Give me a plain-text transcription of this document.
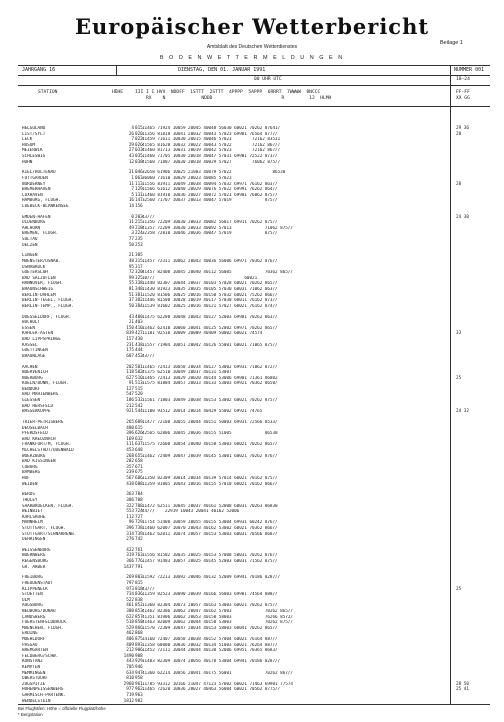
Europäischer Wetterbericht
Amtsblatt des Deutschen Wetterdienstes
Beilage 1
B O D E N W E T T E R M E L D U N G E N
JAHRGANG 16	DIENSTAG, DEN 01. JANUAR 1991	NUMMER 001
00 UHR UTC	18–24
STATION	HÖHE	III I I HVV  NDDFF  1STTT  2STTT  4PPPP  5APPP  6RRRT  7WWWW  8NCCC
RX    N             NDDD                         R         12  HLMH
FF-FF
XX GG
HELGOLAND	4 015 11465 71924 10059 20045 40048 56030 60021 70262 87641/	29 36
LIST/SYLT	26 020 11356 81818 10041 20032 40043 57023 69981 76564 877//	28
LECK	7 022 41459 71611 10030 20015 40046 57023        72162 83531
HUSUM	29 026 41565 81620 10032 20022 40043 57022        72162 867//
MEIERWIK	27 033 41460 81713 10031 20019 40042 57023        72162 867//
SCHLESWIG	43 035 11460 71705 10030 20018 40047 57031 69901 72522 873//
HOHN	12 038 41560 71807 10030 20018 40029 57027        76062 875//
KIEL/HOLTENAU	31 046 32658 61906 10025 21003 40079 57022                86530
FUTTGARDEN	1 063 36060 71610 10029 20023 40085 57023
NORDERNEY	11 113 11556 81911 10049 20038 40094 57032 69971 76162 863//	28
BREMERHAVEN	7 129 11566 61612 10040 20029 40076 57022 69991 76262 864//
CUXHAVEN	5 131 11460 81910 10036 20027 40072 57023 69981 76062 875//
HAMBURG, FLUGH.	16 147 32560 71707 10037 20013 40047 57019             875//
LUEBECK-BLANKENSEE	14 156
EMDEN-HAFEN	0 203 43///	24 30
OLDENBURG	11 215 11356 72209 10030 20033 40082 56017 69911 70262 875//
AHLHORN	49 218 41357 72209 10030 20033 40092 57013             71062 875//
BREMEN, FLUGH.	3 224 32358 72010 10046 20036 40047 57019             875//
SOLTAU	77 235
UELZEN	50 253
LINGEN	21 305
MUENSTER/OSNAB.	48 315 11457 72311 10062 20043 40036 56006 69971 70362 876//
OSNABRÜCK	95 317
GUETERSLOH	72 320 41457 82408 10045 20040 40112 56005             70362 865//
BAD SALZUFLEN	99 325 10///                                   60021
HANNOVER, FLUGH.	55 338 11440 82307 10044 20037 40103 57028 60021 70262 865//
BRAUNSCHWEIG	81 348 11430 81923 10035 20035 40105 57030 60031 71062 863//
BERLIN-DAHLEM	51 381 11520 81506 10025 20016 40150 57032 60021 75262 866//
BERLIN-TEGEL, FLUGH.	37 382 11446 81508 10028 20019 40117 57030 60011 76162 873//
BERLIN-TEMP., FLUGH.	50 384 11539 81602 10025 20016 40121 57027 60021 76162 874//
DUESSELDORF, FLUGH.	43 400 11475 62208 10048 20043 40127 52003 69981 70262 863//
BOCHOLT	21 403
ESSEN	150 410 11462 62410 10060 20041 40125 52002 69971 70262 865//
KAHLER-ASTEN	839 427 11101 92518 10009 20009 40409 50002 60021 74574	33
BAD LIPPSPRINGE	157 430
KASSEL	231 438 11557 71904 10051 20042 40126 55001 60021 71065 875//
GOETTINGEN	175 444
BRAUNLAGE	607 452 43///
AACHEN	202 501 11465 72413 10058 20034 40127 53002 69931 71062 872//
NOERVENICH	118 502 41375 62510 10049 20037 40131 53007
NUERBURG	627 510 11465 72413 10029 20020 40144 53006 69901 71361 86802	25
KOELN/BONN, FLUGH.	91 513 11575 81804 10057 20033 40133 53003 69921 70362 8650/
BENDORF	127 515
BAD MARIENBERG	547 520
GIESSEN	186 532 11561 71803 10049 20038 40153 53002 60021 70262 875//
BAD HERSFELD	212 542
WASSERKUPPE	921 544 11100 93512 10014 20014 40429 55002 69921 74765	24 32
TRIER-PETRISBERG	265 609 11477 72108 10055 20044 40151 50003 69931 72566 8533/
DEUSELBACH	480 615
PFERDSFELD	396 626 42565 62806 10045 20036 40155 51005             86530
BAD KREUZNACH	169 632
FRANKFURT/M, FLUGH.	111 637 11575 72608 10054 20040 40158 53003 60021 70262 865//
MICHELSTADT/ODENWALD	453 648
WUERZBURG	268 655 11462 72409 10047 20039 40145 53001 60021 70262 876//
BAD KISSINGEN	282 658
COBURG	357 671
BAMBERG	239 675
HOF	567 686 11350 82309 10014 20034 40139 57014 60021 70162 875//
WEIDEN	438 688 11359 81805 10043 20016 40155 57010 60021 70162 866//
BERUS	363 704
THOLEY	386 708
SAARBRUECKEN, FLUGH.	322 708 11472 62511 10045 20037 40161 52008 60031 70263 86830
WEINBIET	553 724 44///    22919 10043 20041 40162 52006
KARLSRUHE	112 727
MANNHEIM	96 729 11754 51408 10059 20055 40155 53004 69931 60242 876//
STUTTGART, FLUGH.	396 738 11460 62007 10070 20043 40162 53002 60021 70362 866//
STUTTGART/SCHNARRENB.	314 739 11462 62011 10074 20057 40153 53003 60031 70566 8687/
OEHRINGEN	276 742
WEISSENBURG	422 761
NUERNBERG	319 763 11556 81502 10035 20025 40153 57008 50031 70262 876//
REGENSBURG	366 776 11457 91403 10057 20025 40145 52003 60031 71562 875//
GR. ARBER	1437 791
FREIBURG	269 803 11592 72213 10092 20046 40132 52009 69941 70186 8287//
FREUDENSTADT	797 815
KLIPPENECK	973 818 43///	25
STOETTEN	734 836 11359 82523 10090 20039 40166 56003 69901 74564 888//
ULM	522 838
AUGSBURG	461 852 11360 82304 10073 20057 40163 53003 60021 70262 875//
NEUBURG/DONAU	380 853 41462 82306 10062 20047 40162 57003             70262 865//
LANDSBERG	622 857 41351 81906 10062 20053 40158 58003             76266 8572/
FUERSTENFELDBRUCK	518 858 41463 82009 10062 20044 40158 53003             70262 875//
MUENCHEN, FLUGH.	529 866 11570 72309 10047 20034 40153 58003 60041 70262 865//
ERDING	462 868
MUEHLDORF	406 875 14160 72407 10058 20038 40152 57004 60021 76164 887//
PASSAU	409 893 11358 60000 10036 20032 40134 51003 60021 76264 887//
BREMGARTEN	212 906 11452 72111 10044 20044 40138 52006 69951 70365 8683/
FELDBERG/SCHW.	1490 908
KONSTANZ	443 929 11483 82309 10074 20056 40178 53004 69941 70186 8287//
KEMPTEN	705 946
MEMMINGEN	634 947 41360 62214 10056 20041 40175 56001             70262 867//
OBERSTDORF	810 958
ZUGSPITZE	2960 961 11/85 93312 10166 21047 47123 57002 60021 71463 69901 77574	28 50
HOHENPEISSENBERG	977 962 11465 72620 10036 20027 40463 56004 60021 70562 8775//	25 41
GARMISCH-PARTENK.	719 963
WENDELSTEIN	1832 982
Bei Flughäfen: Höhe = offizielle Flugplatzhöhe
* Bergstation
